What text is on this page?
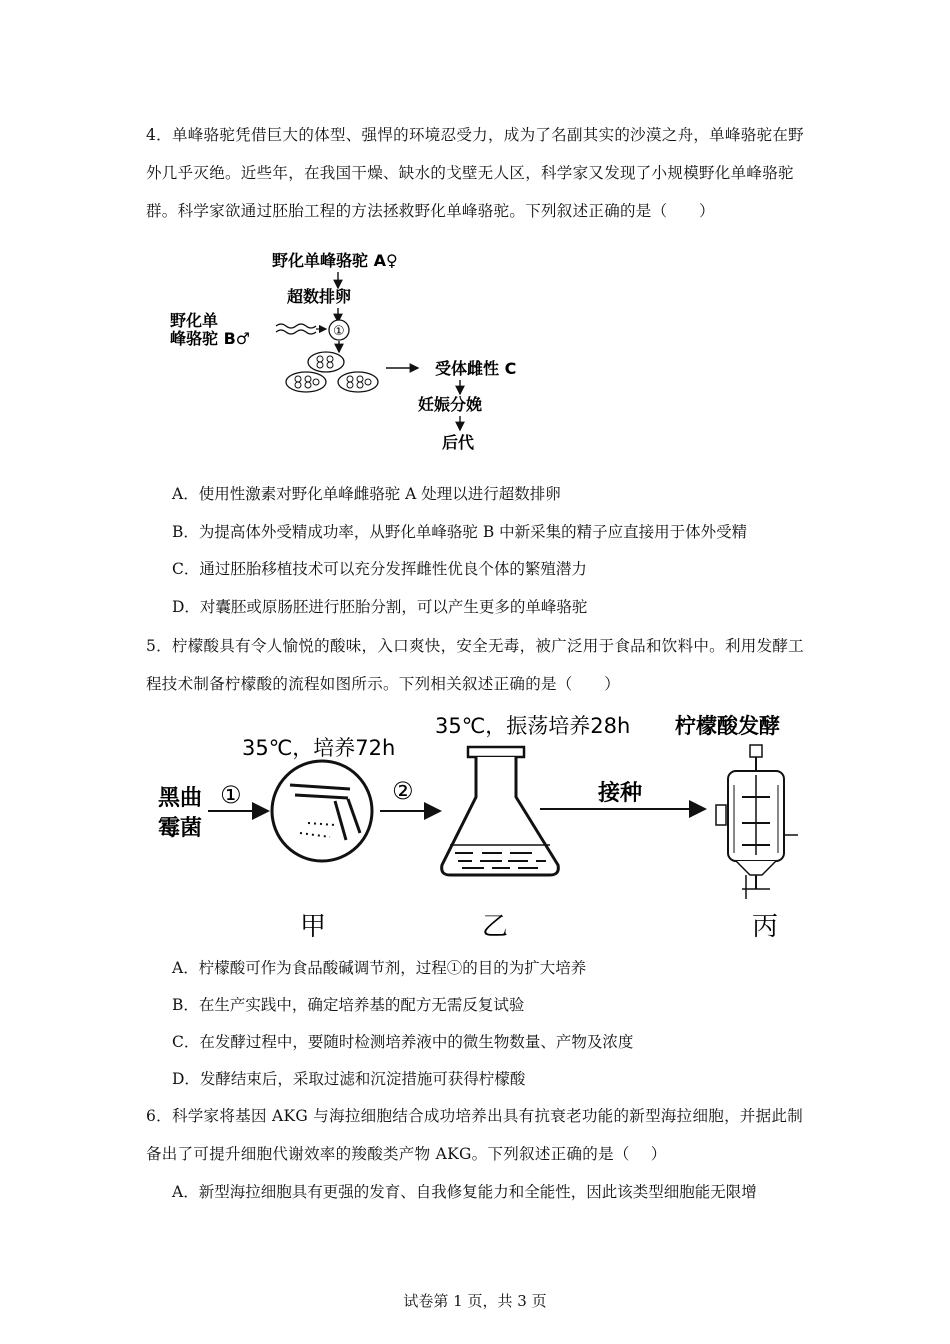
4．单峰骆驼凭借巨大的体型、强悍的环境忍受力，成为了名副其实的沙漠之舟，单峰骆驼在野外几乎灭绝。近些年，在我国干燥、缺水的戈壁无人区，科学家又发现了小规模野化单峰骆驼群。科学家欲通过胚胎工程的方法拯救野化单峰骆驼。下列叙述正确的是（　　）

野化单峰骆驼 A♀
超数排卵
野化单
峰骆驼 B♂	①
受体雌性 C
妊娠分娩
后代

A．使用性激素对野化单峰雌骆驼 A 处理以进行超数排卵

B．为提高体外受精成功率，从野化单峰骆驼 B 中新采集的精子应直接用于体外受精

C．通过胚胎移植技术可以充分发挥雌性优良个体的繁殖潜力

D．对囊胚或原肠胚进行胚胎分割，可以产生更多的单峰骆驼

5．柠檬酸具有令人愉悦的酸味，入口爽快，安全无毒，被广泛用于食品和饮料中。利用发酵工程技术制备柠檬酸的流程如图所示。下列相关叙述正确的是（　　）

黑曲
霉菌
①
35℃，培养72h
②
35℃，振荡培养28h
接种
柠檬酸发酵
甲	乙	丙

A．柠檬酸可作为食品酸碱调节剂，过程①的目的为扩大培养

B．在生产实践中，确定培养基的配方无需反复试验

C．在发酵过程中，要随时检测培养液中的微生物数量、产物及浓度

D．发酵结束后，采取过滤和沉淀措施可获得柠檬酸

6．科学家将基因 AKG 与海拉细胞结合成功培养出具有抗衰老功能的新型海拉细胞，并据此制备出了可提升细胞代谢效率的羧酸类产物 AKG。下列叙述正确的是（　 ）

A．新型海拉细胞具有更强的发育、自我修复能力和全能性，因此该类型细胞能无限增

试卷第 1 页，共 3 页
